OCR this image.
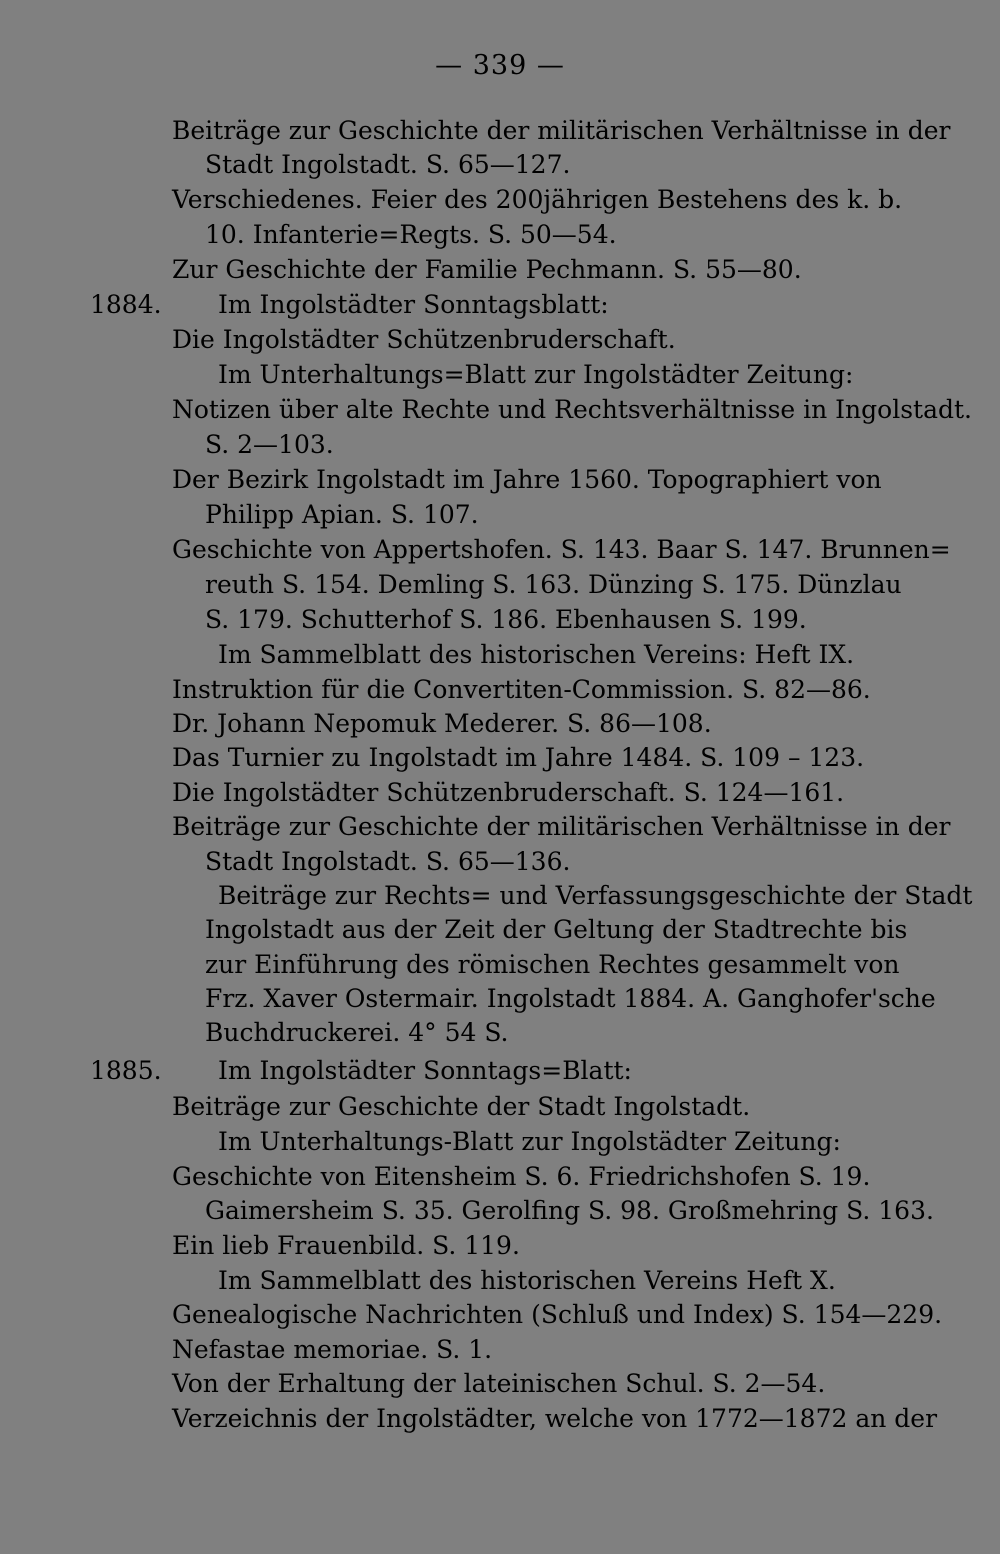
— 339 —
Beiträge zur Geschichte der militärischen Verhältnisse in der
Stadt Ingolstadt. S. 65—127.
Verschiedenes. Feier des 200jährigen Bestehens des k. b.
10. Infanterie=Regts. S. 50—54.
Zur Geschichte der Familie Pechmann. S. 55—80.
1884. Im Ingolstädter Sonntagsblatt:
Die Ingolstädter Schützenbruderschaft.
Im Unterhaltungs=Blatt zur Ingolstädter Zeitung:
Notizen über alte Rechte und Rechtsverhältnisse in Ingolstadt.
S. 2—103.
Der Bezirk Ingolstadt im Jahre 1560. Topographiert von
Philipp Apian. S. 107.
Geschichte von Appertshofen. S. 143. Baar S. 147. Brunnen=
reuth S. 154. Demling S. 163. Dünzing S. 175. Dünzlau
S. 179. Schutterhof S. 186. Ebenhausen S. 199.
Im Sammelblatt des historischen Vereins: Heft IX.
Instruktion für die Convertiten-Commission. S. 82—86.
Dr. Johann Nepomuk Mederer. S. 86—108.
Das Turnier zu Ingolstadt im Jahre 1484. S. 109 – 123.
Die Ingolstädter Schützenbruderschaft. S. 124—161.
Beiträge zur Geschichte der militärischen Verhältnisse in der
Stadt Ingolstadt. S. 65—136.
Beiträge zur Rechts= und Verfassungsgeschichte der Stadt
Ingolstadt aus der Zeit der Geltung der Stadtrechte bis
zur Einführung des römischen Rechtes gesammelt von
Frz. Xaver Ostermair. Ingolstadt 1884. A. Ganghofer'sche
Buchdruckerei. 4° 54 S.
1885. Im Ingolstädter Sonntags=Blatt:
Beiträge zur Geschichte der Stadt Ingolstadt.
Im Unterhaltungs-Blatt zur Ingolstädter Zeitung:
Geschichte von Eitensheim S. 6. Friedrichshofen S. 19.
Gaimersheim S. 35. Gerolfing S. 98. Großmehring S. 163.
Ein lieb Frauenbild. S. 119.
Im Sammelblatt des historischen Vereins Heft X.
Genealogische Nachrichten (Schluß und Index) S. 154—229.
Nefastae memoriae. S. 1.
Von der Erhaltung der lateinischen Schul. S. 2—54.
Verzeichnis der Ingolstädter, welche von 1772—1872 an der
